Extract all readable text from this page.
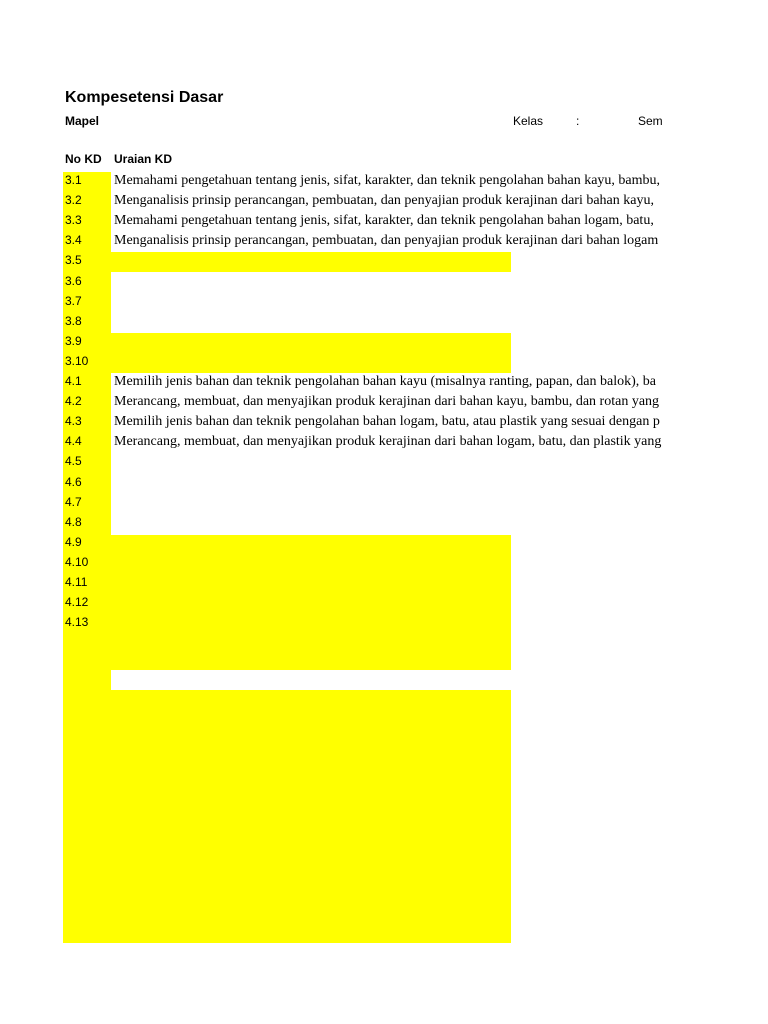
Kompesetensi Dasar
Mapel	Kelas	:	Sem
No KD Uraian KD
3.1	Memahami pengetahuan tentang jenis, sifat, karakter, dan teknik pengolahan bahan kayu, bambu,
3.2	Menganalisis prinsip perancangan, pembuatan, dan penyajian produk kerajinan dari bahan kayu,
3.3	Memahami pengetahuan tentang jenis, sifat, karakter, dan teknik pengolahan bahan logam, batu,
3.4	Menganalisis prinsip perancangan, pembuatan, dan penyajian produk kerajinan dari bahan logam
3.5
3.6
3.7
3.8
3.9
3.10
4.1	Memilih jenis bahan dan teknik pengolahan bahan kayu (misalnya ranting, papan, dan balok), ba
4.2	Merancang, membuat, dan menyajikan produk kerajinan dari bahan kayu, bambu, dan rotan yang
4.3	Memilih jenis bahan dan teknik pengolahan bahan logam, batu, atau plastik yang sesuai dengan p
4.4	Merancang, membuat, dan menyajikan produk kerajinan dari bahan logam, batu, dan plastik yang
4.5
4.6
4.7
4.8
4.9
4.10
4.11
4.12
4.13
